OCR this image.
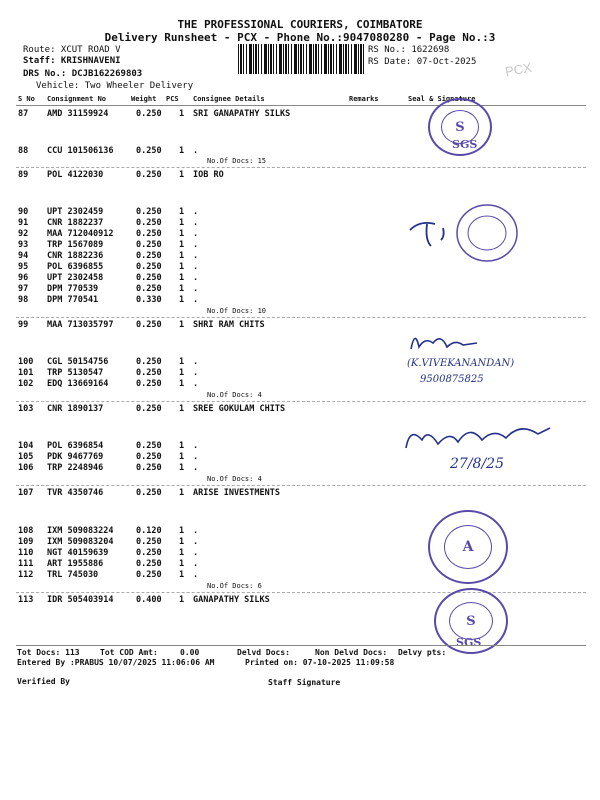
THE PROFESSIONAL COURIERS, COIMBATORE
Delivery Runsheet - PCX - Phone No.:9047080280 - Page No.:3
Route: XCUT ROAD V
Staff: KRISHNAVENI
DRS No.: DCJB162269803
Vehicle: Two Wheeler Delivery
RS No.: 1622698
RS Date: 07-Oct-2025 PCX
S No Consignment No	Weight PCS Consignee Details	Remarks	Seal & Signature
87 AMD 31159924	0.250 1 SRI GANAPATHY SILKS
88 CCU 101506136	0.250 1 .
No.Of Docs: 15
89 POL 4122030	0.250 1 IOB RO
90 UPT 2302459	0.250 1 .
91 CNR 1882237	0.250 1 .
92 MAA 712040912	0.250 1 .
93 TRP 1567089	0.250 1 .
94 CNR 1882236	0.250 1 .
95 POL 6396855	0.250 1 .
96 UPT 2302458	0.250 1 .
97 DPM 770539	0.250 1 .
98 DPM 770541	0.330 1 .
No.Of Docs: 10
99 MAA 713035797	0.250 1 SHRI RAM CHITS
100 CGL 50154756	0.250 1 .
101 TRP 5130547	0.250 1 .
102 EDQ 13669164	0.250 1 .
No.Of Docs: 4
103 CNR 1890137	0.250 1 SREE GOKULAM CHITS
104 POL 6396854	0.250 1 .
105 PDK 9467769	0.250 1 .
106 TRP 2248946	0.250 1 .
No.Of Docs: 4
107 TVR 4350746	0.250 1 ARISE INVESTMENTS
108 IXM 509083224	0.120 1 .
109 IXM 509083204	0.250 1 .
110 NGT 40159639	0.250 1 .
111 ART 1955886	0.250 1 .
112 TRL 745030	0.250 1 .
No.Of Docs: 6
113 IDR 505403914	0.400 1 GANAPATHY SILKS
S
SGS
(K.VIVEKANANDAN)
9500875825
27/8/25
A
S
SGS
Tot Docs: 113	Tot COD Amt:	0.00	Delvd Docs:	Non Delvd Docs: Delvy pts:
Entered By :PRABUS 10/07/2025 11:06:06 AM	Printed on: 07-10-2025 11:09:58
Verified By	Staff Signature
